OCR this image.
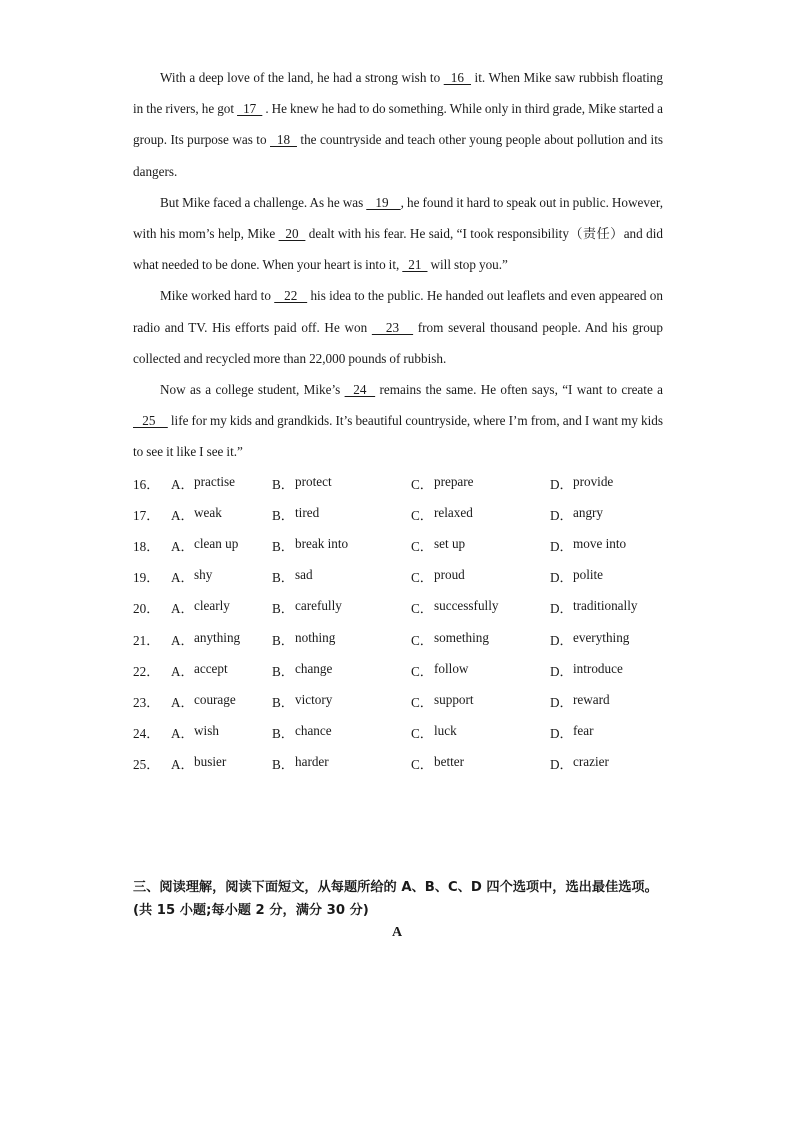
With a deep love of the land, he had a strong wish to   16   it. When Mike saw rubbish floating in the rivers, he got   17   . He knew he had to do something. While only in third grade, Mike started a group. Its purpose was to   18   the countryside and teach other young people about pollution and its dangers.

But Mike faced a challenge. As he was    19    , he found it hard to speak out in public. However, with his mom’s help, Mike   20   dealt with his fear. He said, “I took responsibility（责任）and did what needed to be done. When your heart is into it,   21   will stop you.”

Mike worked hard to    22    his idea to the public. He handed out leaflets and even appeared on radio and TV. His efforts paid off. He won    23    from several thousand people. And his group collected and recycled more than 22,000 pounds of rubbish.

Now as a college student, Mike’s   24   remains the same. He often says, “I want to create a    25     life for my kids and grandkids. It’s beautiful countryside, where I’m from, and I want my kids to see it like I see it.”

16． A． practise	B． protect	C． prepare	D． provide
17． A． weak	B． tired	C． relaxed	D． angry
18． A． clean up	B． break into	C． set up	D． move into
19． A． shy	B． sad	C． proud	D． polite
20． A． clearly	B． carefully	C． successfully	D． traditionally
21． A． anything B． nothing	C． something	D． everything
22． A． accept	B． change	C． follow	D． introduce
23． A． courage	B． victory	C． support	D． reward
24． A． wish	B． chance	C． luck	D． fear
25． A． busier	B． harder	C． better	D． crazier
三、阅读理解，阅读下面短文，从每题所给的 A、B、C、D 四个选项中，选出最佳选项。(共 15 小题;每小题 2 分，满分 30 分)
A
